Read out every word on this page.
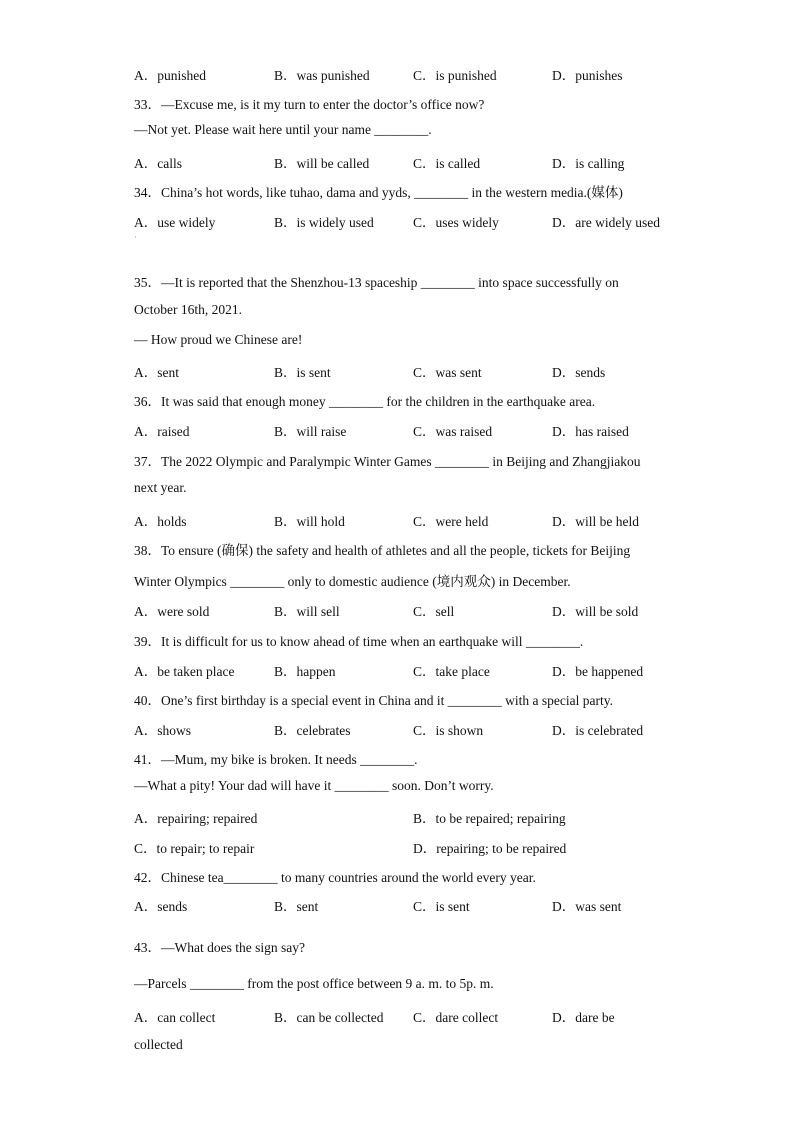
A．punished	B．was punished	C．is punished	D．punishes
33．—Excuse me, is it my turn to enter the doctor’s office now?
—Not yet. Please wait here until your name ________.
A．calls	B．will be called	C．is called	D．is calling
34．China’s hot words, like tuhao, dama and yyds, ________ in the western media.(媒体)
A．use widely	B．is widely used	C．uses widely	D．are widely used
·
35．—It is reported that the Shenzhou-13 spaceship ________ into space successfully on
October 16th, 2021.
— How proud we Chinese are!
A．sent	B．is sent	C．was sent	D．sends
36．It was said that enough money ________ for the children in the earthquake area.
A．raised	B．will raise	C．was raised	D．has raised
37．The 2022 Olympic and Paralympic Winter Games ________ in Beijing and Zhangjiakou
next year.
A．holds	B．will hold	C．were held	D．will be held
38．To ensure (确保) the safety and health of athletes and all the people, tickets for Beijing
Winter Olympics ________ only to domestic audience (境内观众) in December.
A．were sold	B．will sell	C．sell	D．will be sold
39．It is difficult for us to know ahead of time when an earthquake will ________.
A．be taken place	B．happen	C．take place	D．be happened
40．One’s first birthday is a special event in China and it ________ with a special party.
A．shows	B．celebrates	C．is shown	D．is celebrated
41．—Mum, my bike is broken. It needs ________.
—What a pity! Your dad will have it ________ soon. Don’t worry.
A．repairing; repaired	B．to be repaired; repairing
C．to repair; to repair	D．repairing; to be repaired
42．Chinese tea________ to many countries around the world every year.
A．sends	B．sent	C．is sent	D．was sent
43．—What does the sign say?
—Parcels ________ from the post office between 9 a. m. to 5p. m.
A．can collect	B．can be collected C．dare collect	D．dare be
collected
